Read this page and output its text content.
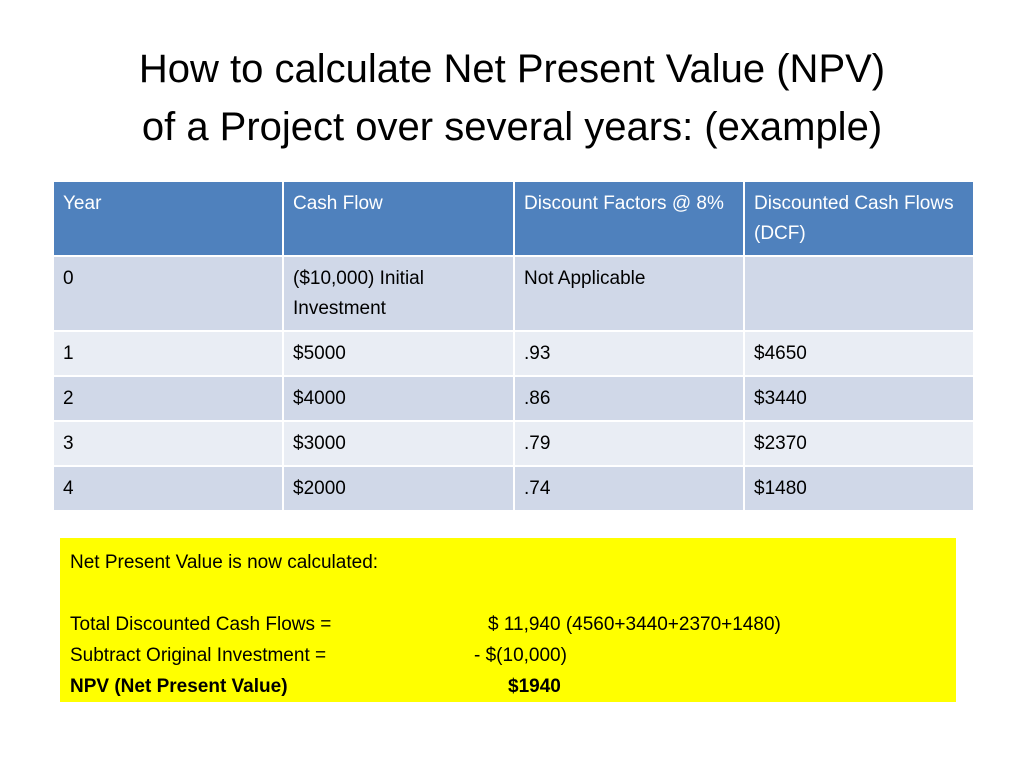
How to calculate Net Present Value (NPV)
of a Project over several years: (example)
Year	Cash Flow	Discount Factors @ 8%	Discounted Cash Flows (DCF)
0	($10,000) Initial Investment	Not Applicable	
1	$5000	.93	$4650
2	$4000	.86	$3440
3	$3000	.79	$2370
4	$2000	.74	$1480
Net Present Value is now calculated:
Total Discounted Cash Flows =	$ 11,940 (4560+3440+2370+1480)
Subtract Original Investment =	- $(10,000)
NPV (Net Present Value)	$1940
